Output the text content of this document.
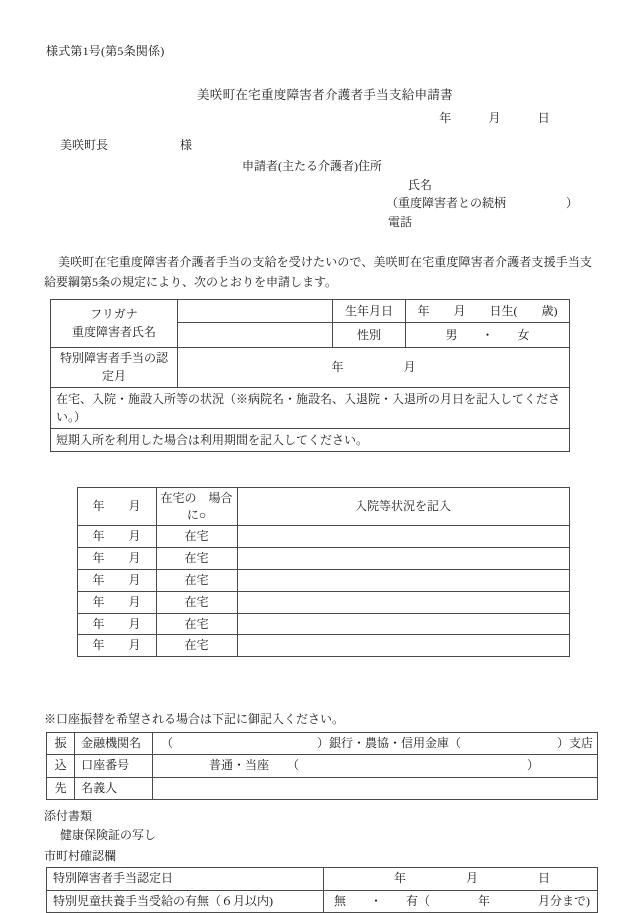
様式第1号(第5条関係)
美咲町在宅重度障害者介護者手当支給申請書
年　　　月　　　日
美咲町長　　　　　　様
申請者(主たる介護者)住所
氏名
（重度障害者との続柄　　　　　）
電話
美咲町在宅重度障害者介護者手当の支給を受けたいので、美咲町在宅重度障害者介護者支援手当支給要綱第5条の規定により、次のとおりを申請します。
フリガナ
重度障害者氏名		生年月日	年　　月　　日生(　　歳)
	性別	男　　・　　女
特別障害者手当の認定月	年　　　　　月
在宅、入院・施設入所等の状況（※病院名・施設名、入退院・入退所の月日を記入してください。）
短期入所を利用した場合は利用期間を記入してください。

	年　　月	在宅の　場合に○	入院等状況を記入
	年　　月	在宅	
	年　　月	在宅	
	年　　月	在宅	
	年　　月	在宅	
	年　　月	在宅	
	年　　月	在宅	

※口座振替を希望される場合は下記に御記入ください。
振	金融機関名	（　　　　　　　　　　　　）銀行・農協・信用金庫（　　　　　　　　）支店
込	口座番号	　　　　普通・当座　　（　　　　　　　　　　　　　　　　　　　）
先	名義人	
添付書類
健康保険証の写し
市町村確認欄
特別障害者手当認定日	　　　　　年　　　　　月　　　　　日
特別児童扶養手当受給の有無（６月以内)	無　　・　　有（　　　　年　　　　月分まで)
